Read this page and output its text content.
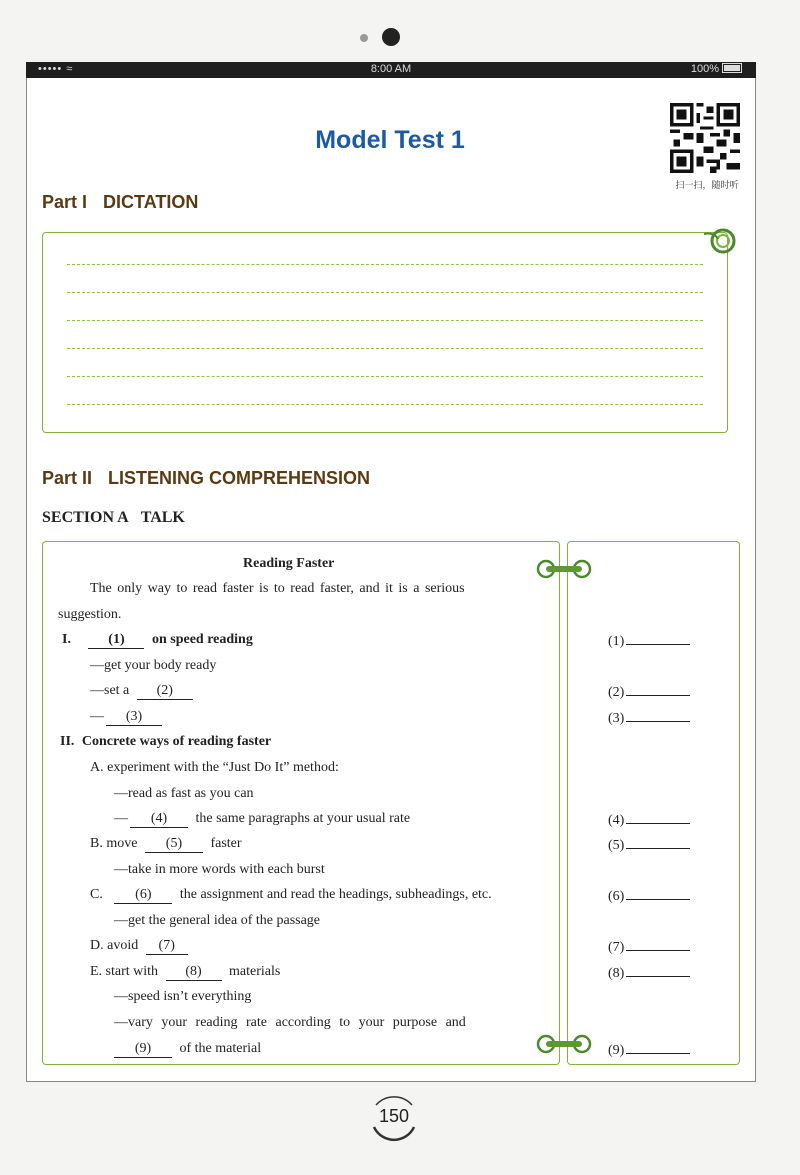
••••• ≈	8:00 AM	100%
Model Test 1
扫一扫，随时听
Part I DICTATION
Part II LISTENING COMPREHENSION
SECTION A TALK
Reading Faster
The only way to read faster is to read faster, and it is a serious
suggestion.
I.	(1) on speed reading
—get your body ready
—set a (2)
— (3)
II. Concrete ways of reading faster
A. experiment with the “Just Do It” method:
—read as fast as you can
— (4) the same paragraphs at your usual rate
B. move (5) faster
—take in more words with each burst
C. (6) the assignment and read the headings, subheadings, etc.
—get the general idea of the passage
D. avoid (7)
E. start with (8) materials
—speed isn’t everything
—vary your reading rate according to your purpose and
(9) of the material
(1)
(2)
(3)
(4)
(5)
(6)
(7)
(8)
(9)
150
